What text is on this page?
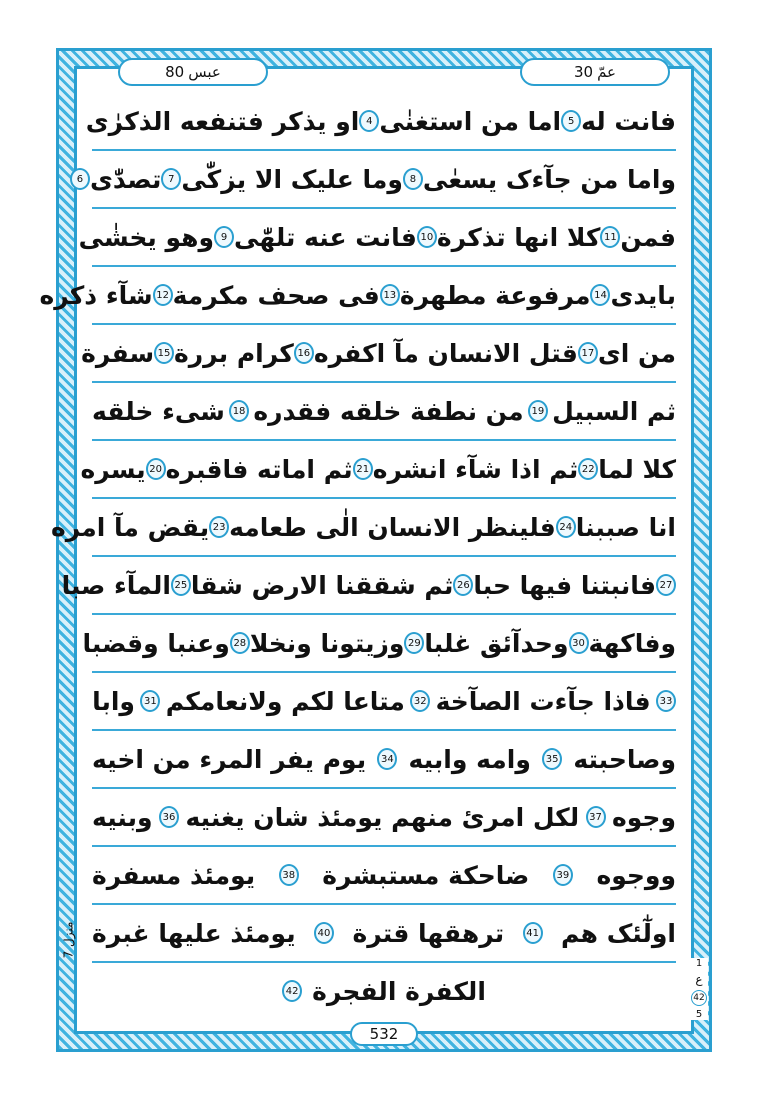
80 عبس	30 عمّ
فانت له
5
اما من استغنٰی
4
او یذکر فتنفعه الذکرٰی
واما من جآءک یسعٰی
8
وما علیک الا یزکّٰی
7
تصدّٰی
6
فمن
11
کلا انها تذکرة
10
فانت عنه تلهّٰی
9
وهو یخشٰی
بایدی
14
مرفوعة مطهرة
13
فی صحف مکرمة
12
شآء ذکره
من ای
17
قتل الانسان مآ اکفره
16
کرام بررة
15
سفرة
ثم السبیل
19
من نطفة خلقه فقدره
18
شیء خلقه
کلا لما
22
ثم اذا شآء انشره
21
ثم اماته فاقبره
20
یسره
انا صببنا
24
فلینظر الانسان الٰی طعامه
23
یقض مآ امره
27
فانبتنا فیها حبا
26
ثم شققنا الارض شقا
25
المآء صبا
وفاکهة
30
وحدآئق غلبا
29
وزیتونا ونخلا
28
وعنبا وقضبا
33
فاذا جآءت الصآخة
32
متاعا لکم ولانعامکم
31
وابا
وصاحبته
35
وامه وابیه
34
یوم یفر المرء من اخیه
وجوه
37
لکل امرئ منهم یومئذ شان یغنیه
36
وبنیه
ووجوه
39
ضاحکة مستبشرة
38
یومئذ مسفرة
اولٰٓئک هم
41
ترهقها قترة
40
یومئذ علیها غبرة
الکفرة الفجرة
42
منزل 7
1
ع
42
5
532
